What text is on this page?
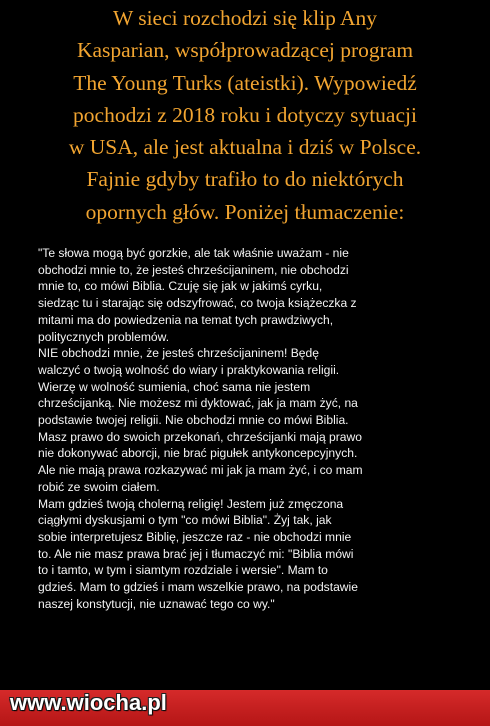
W sieci rozchodzi się klip Any
Kasparian, współprowadzącej program
The Young Turks (ateistki). Wypowiedź
pochodzi z 2018 roku i dotyczy sytuacji
w USA, ale jest aktualna i dziś w Polsce.
Fajnie gdyby trafiło to do niektórych
opornych głów. Poniżej tłumaczenie:
"Te słowa mogą być gorzkie, ale tak właśnie uważam - nie
obchodzi mnie to, że jesteś chrześcijaninem, nie obchodzi
mnie to, co mówi Biblia. Czuję się jak w jakimś cyrku,
siedząc tu i starając się odszyfrować, co twoja książeczka z
mitami ma do powiedzenia na temat tych prawdziwych,
politycznych problemów.
NIE obchodzi mnie, że jesteś chrześcijaninem! Będę
walczyć o twoją wolność do wiary i praktykowania religii.
Wierzę w wolność sumienia, choć sama nie jestem
chrześcijanką. Nie możesz mi dyktować, jak ja mam żyć, na
podstawie twojej religii. Nie obchodzi mnie co mówi Biblia.
Masz prawo do swoich przekonań, chrześcijanki mają prawo
nie dokonywać aborcji, nie brać pigułek antykoncepcyjnych.
Ale nie mają prawa rozkazywać mi jak ja mam żyć, i co mam
robić ze swoim ciałem.
Mam gdzieś twoją cholerną religię! Jestem już zmęczona
ciągłymi dyskusjami o tym "co mówi Biblia". Żyj tak, jak
sobie interpretujesz Biblię, jeszcze raz - nie obchodzi mnie
to. Ale nie masz prawa brać jej i tłumaczyć mi: "Biblia mówi
to i tamto, w tym i siamtym rozdziale i wersie". Mam to
gdzieś. Mam to gdzieś i mam wszelkie prawo, na podstawie
naszej konstytucji, nie uznawać tego co wy."
www.wiocha.pl
